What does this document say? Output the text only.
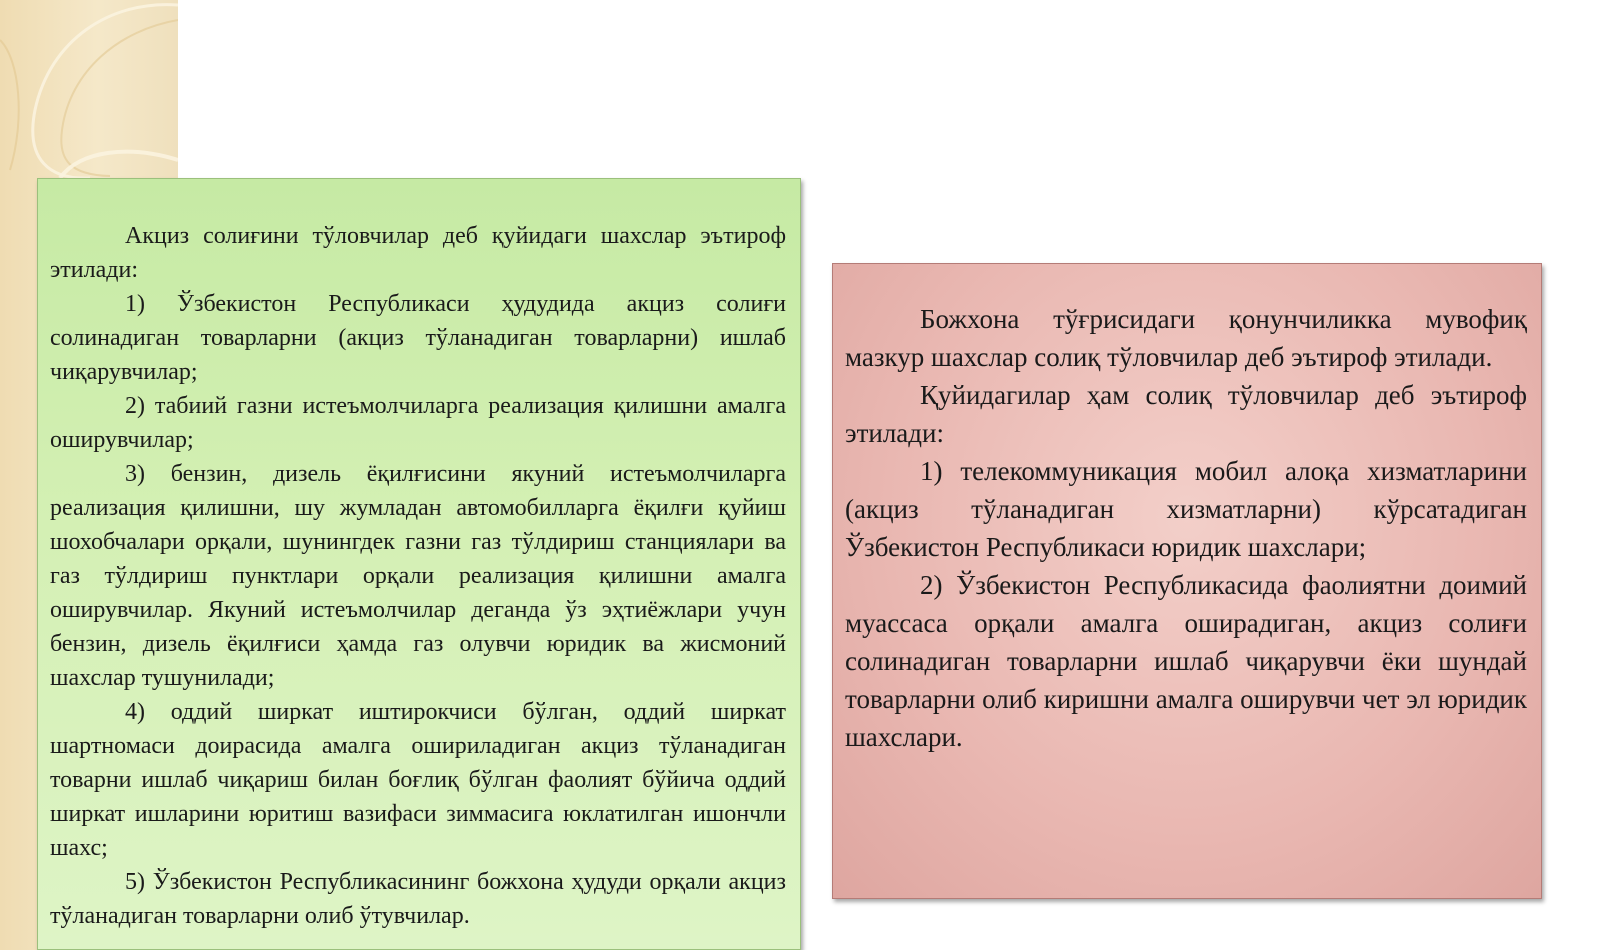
Акциз солиғини тўловчилар деб қуйидаги шахслар эътироф этилади:

1) Ўзбекистон Республикаси ҳудудида акциз солиғи солинадиган товарларни (акциз тўланадиган товарларни) ишлаб чиқарувчилар;

2) табиий газни истеъмолчиларга реализация қилишни амалга оширувчилар;

3) бензин, дизель ёқилғисини якуний истеъмолчиларга реализация қилишни, шу жумладан автомобилларга ёқилғи қуйиш шохобчалари орқали, шунингдек газни газ тўлдириш станциялари ва газ тўлдириш пунктлари орқали реализация қилишни амалга оширувчилар. Якуний истеъмолчилар деганда ўз эҳтиёжлари учун бензин, дизель ёқилғиси ҳамда газ олувчи юридик ва жисмоний шахслар тушунилади;

4) оддий ширкат иштирокчиси бўлган, оддий ширкат шартномаси доирасида амалга ошириладиган акциз тўланадиган товарни ишлаб чиқариш билан боғлиқ бўлган фаолият бўйича оддий ширкат ишларини юритиш вазифаси зиммасига юклатилган ишончли шахс;

5) Ўзбекистон Республикасининг божхона ҳудуди орқали акциз тўланадиган товарларни олиб ўтувчилар.

Божхона тўғрисидаги қонунчиликка мувофиқ мазкур шахслар солиқ тўловчилар деб эътироф этилади.

Қуйидагилар ҳам солиқ тўловчилар деб эътироф этилади:

1) телекоммуникация мобил алоқа хизматларини (акциз тўланадиган хизматларни) кўрсатадиган Ўзбекистон Республикаси юридик шахслари;

2) Ўзбекистон Республикасида фаолиятни доимий муассаса орқали амалга оширадиган, акциз солиғи солинадиган товарларни ишлаб чиқарувчи ёки шундай товарларни олиб киришни амалга оширувчи чет эл юридик шахслари.
